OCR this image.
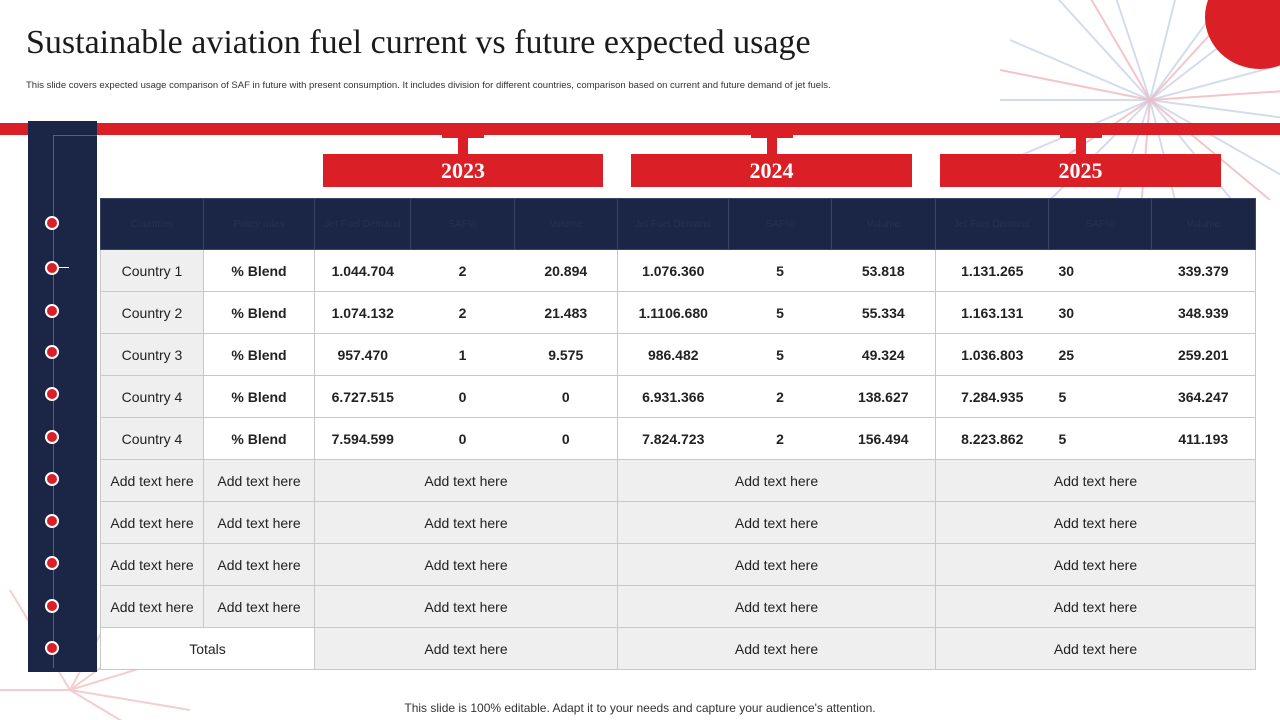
Sustainable aviation fuel current vs future expected usage
This slide covers expected usage comparison of SAF in future with present consumption. It includes division for different countries, comparison based on current and future demand of jet fuels.
2023	2024	2025
Countries	Policy rules	Jet Fuel Demand	SAF%	Volume	Jet Fuel Demand	SAF%	Volume	Jet Fuel Demand	SAF%	Volume
Country 1	% Blend	1.044.704	2	20.894	1.076.360	5	53.818	1.131.265	30	339.379
Country 2	% Blend	1.074.132	2	21.483	1.1106.680	5	55.334	1.163.131	30	348.939
Country 3	% Blend	957.470	1	9.575	986.482	5	49.324	1.036.803	25	259.201
Country 4	% Blend	6.727.515	0	0	6.931.366	2	138.627	7.284.935	5	364.247
Country 4	% Blend	7.594.599	0	0	7.824.723	2	156.494	8.223.862	5	411.193
Add text here	Add text here	Add text here			Add text here			Add text here		
Add text here	Add text here	Add text here			Add text here			Add text here		
Add text here	Add text here	Add text here			Add text here			Add text here		
Add text here	Add text here	Add text here			Add text here			Add text here		
Totals		Add text here			Add text here			Add text here		
This slide is 100% editable. Adapt it to your needs and capture your audience's attention.
